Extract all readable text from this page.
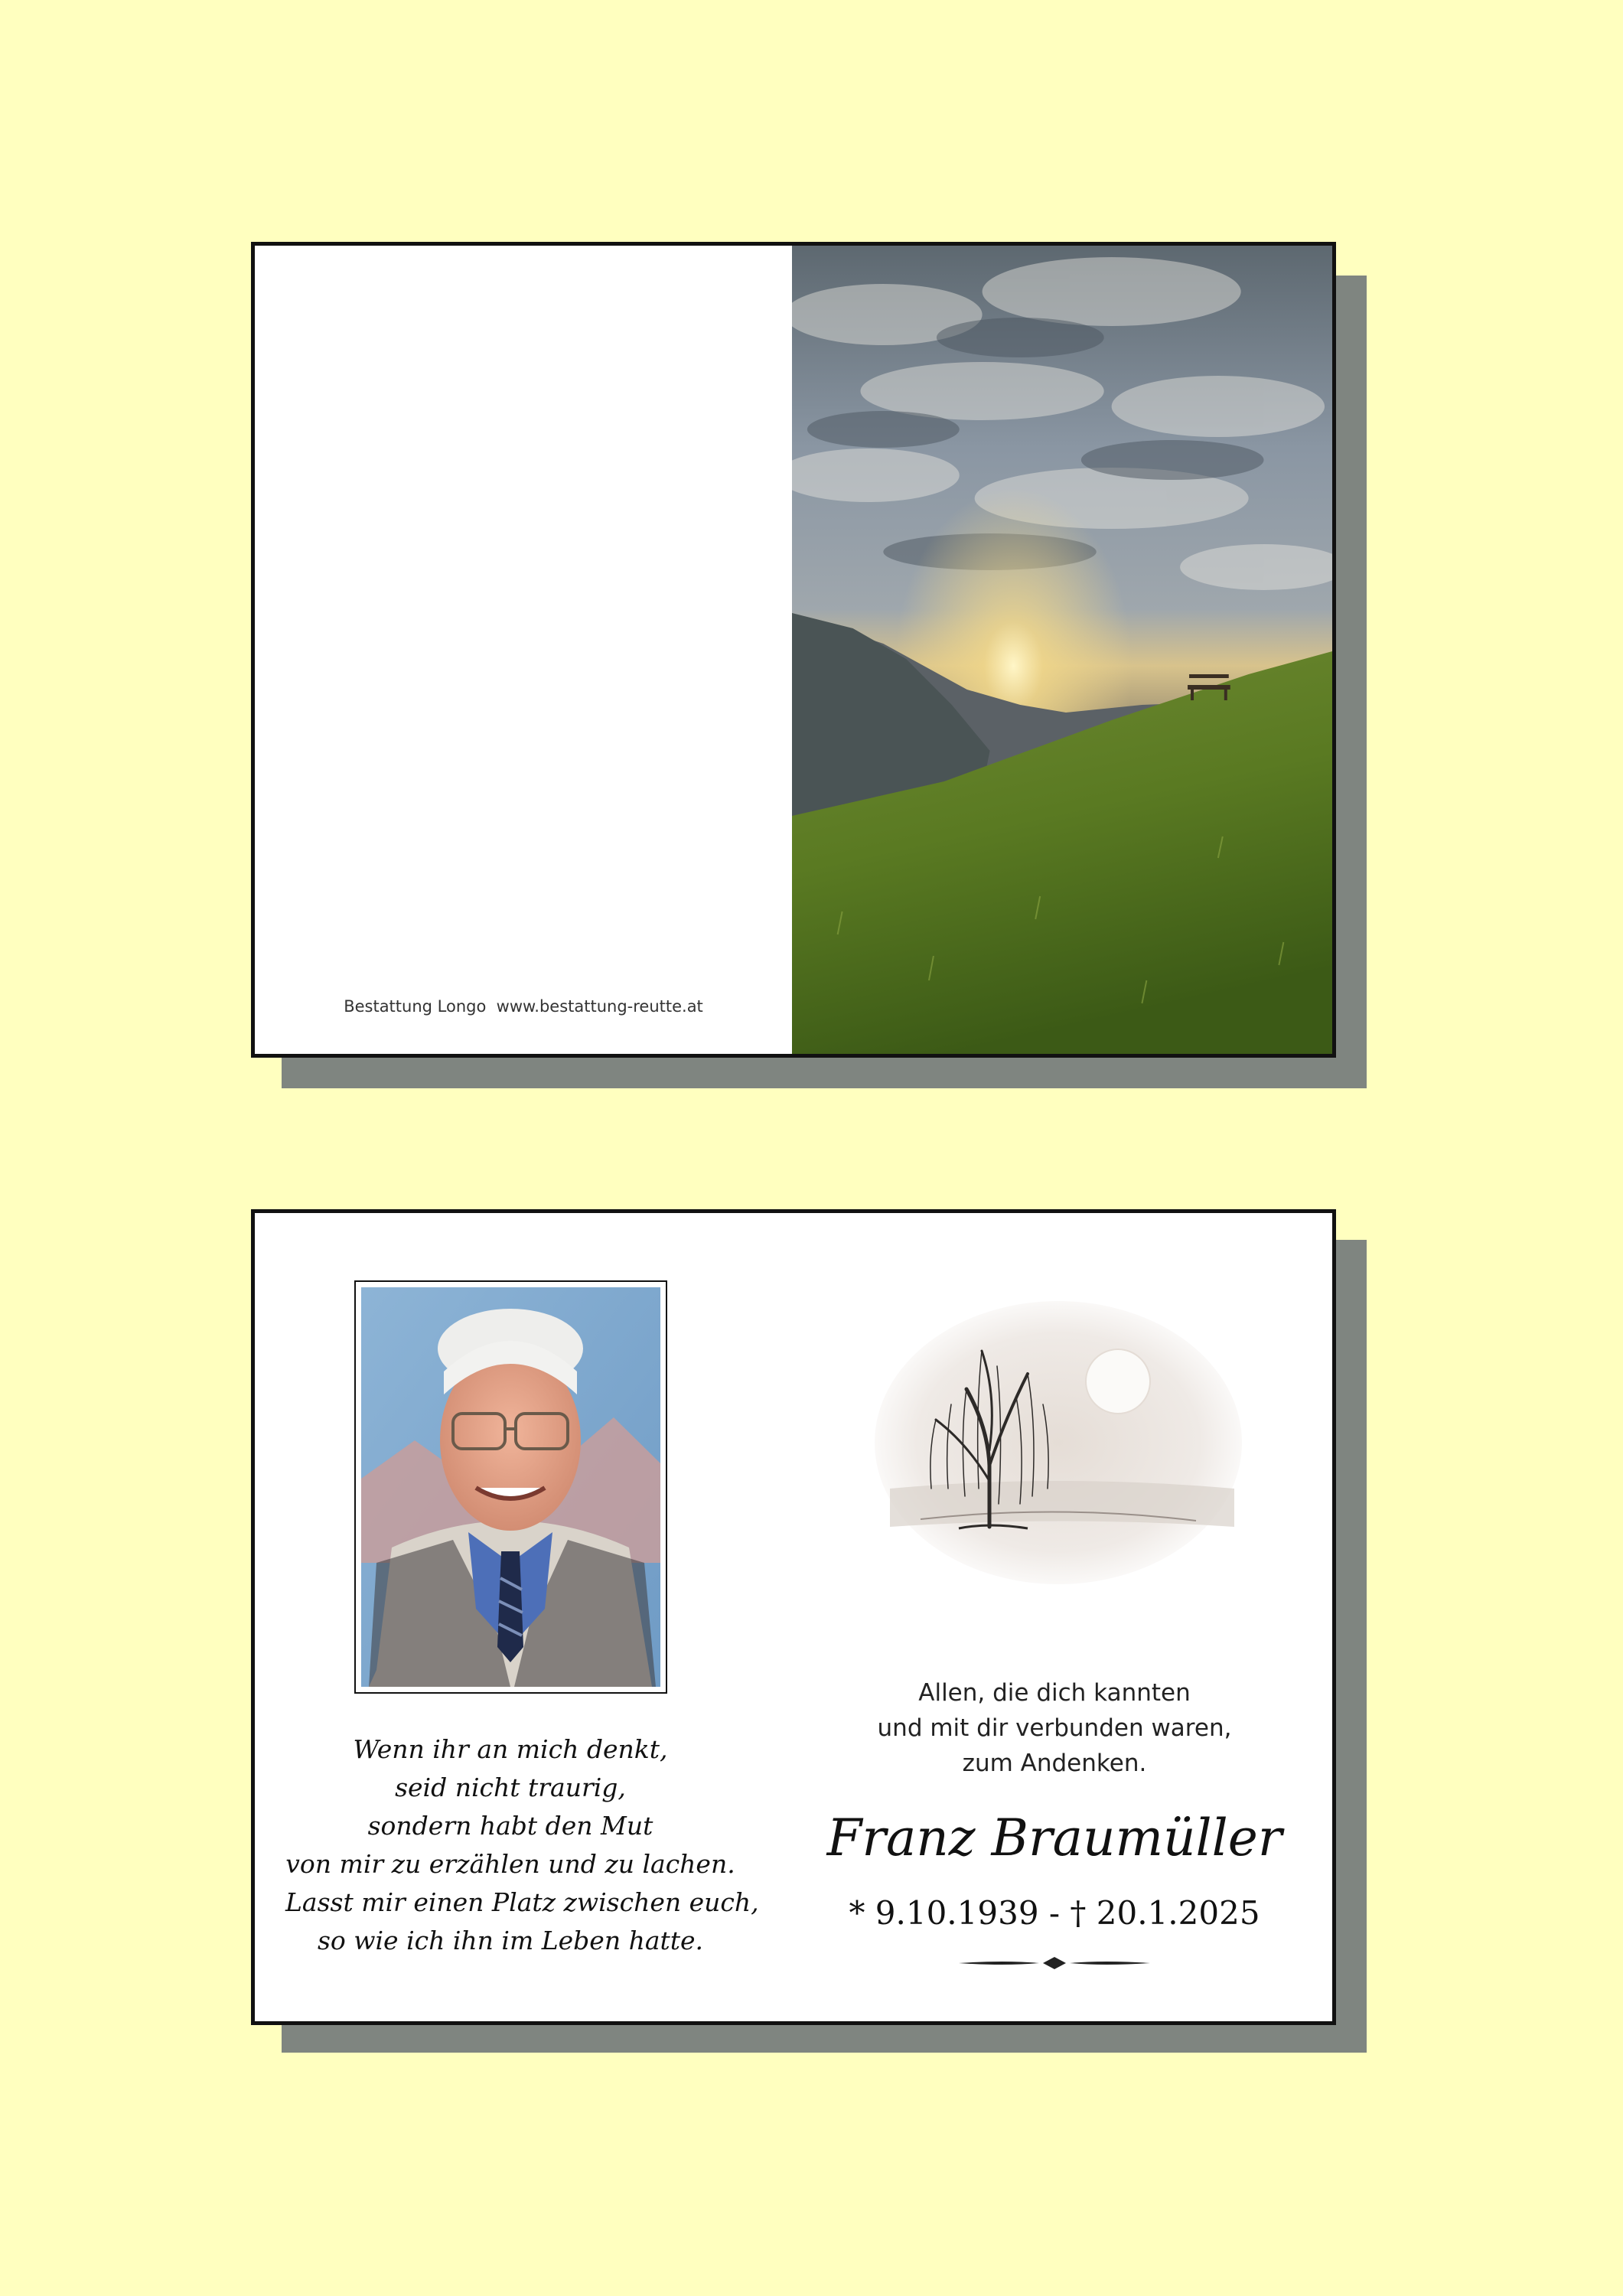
Bestattung Longo  www.bestattung-reutte.at
Wenn ihr an mich denkt,
seid nicht traurig,
sondern habt den Mut
von mir zu erzählen und zu lachen.
Lasst mir einen Platz zwischen euch,
so wie ich ihn im Leben hatte.
Allen, die dich kannten
und mit dir verbunden waren,
zum Andenken.
Franz Braumüller
* 9.10.1939 - † 20.1.2025
